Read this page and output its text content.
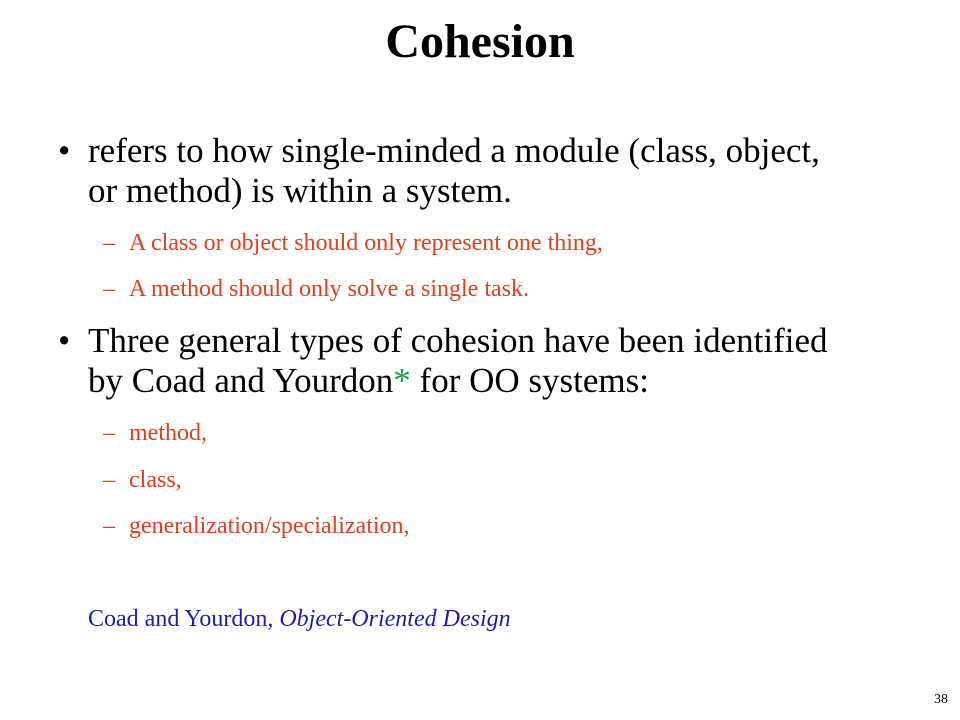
Cohesion
• refers to how single-minded a module (class, object,
or method) is within a system.
– A class or object should only represent one thing,
– A method should only solve a single task.
• Three general types of cohesion have been identified
by Coad and Yourdon* for OO systems:
– method,
– class,
– generalization/specialization,
Coad and Yourdon, Object-Oriented Design
38
